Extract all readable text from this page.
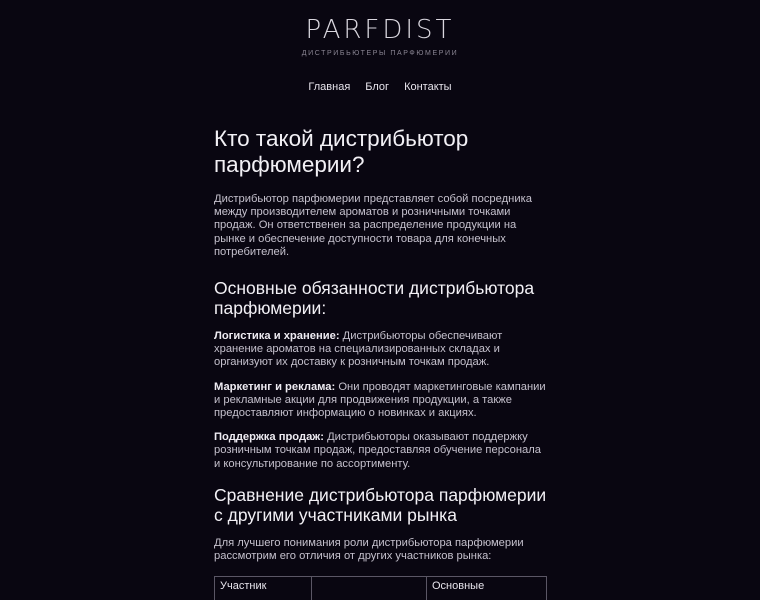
PARFDIST
ДИСТРИБЬЮТЕРЫ ПАРФЮМЕРИИ
Главная Блог Контакты
Кто такой дистрибьютор парфюмерии?

Дистрибьютор парфюмерии представляет собой посредника между производителем ароматов и розничными точками продаж. Он ответственен за распределение продукции на рынке и обеспечение доступности товара для конечных потребителей.

Основные обязанности дистрибьютора парфюмерии:

Логистика и хранение: Дистрибьюторы обеспечивают хранение ароматов на специализированных складах и организуют их доставку к розничным точкам продаж.

Маркетинг и реклама: Они проводят маркетинговые кампании и рекламные акции для продвижения продукции, а также предоставляют информацию о новинках и акциях.

Поддержка продаж: Дистрибьюторы оказывают поддержку розничным точкам продаж, предоставляя обучение персонала и консультирование по ассортименту.

Сравнение дистрибьютора парфюмерии с другими участниками рынка

Для лучшего понимания роли дистрибьютора парфюмерии рассмотрим его отличия от других участников рынка:

Участник		Основные
